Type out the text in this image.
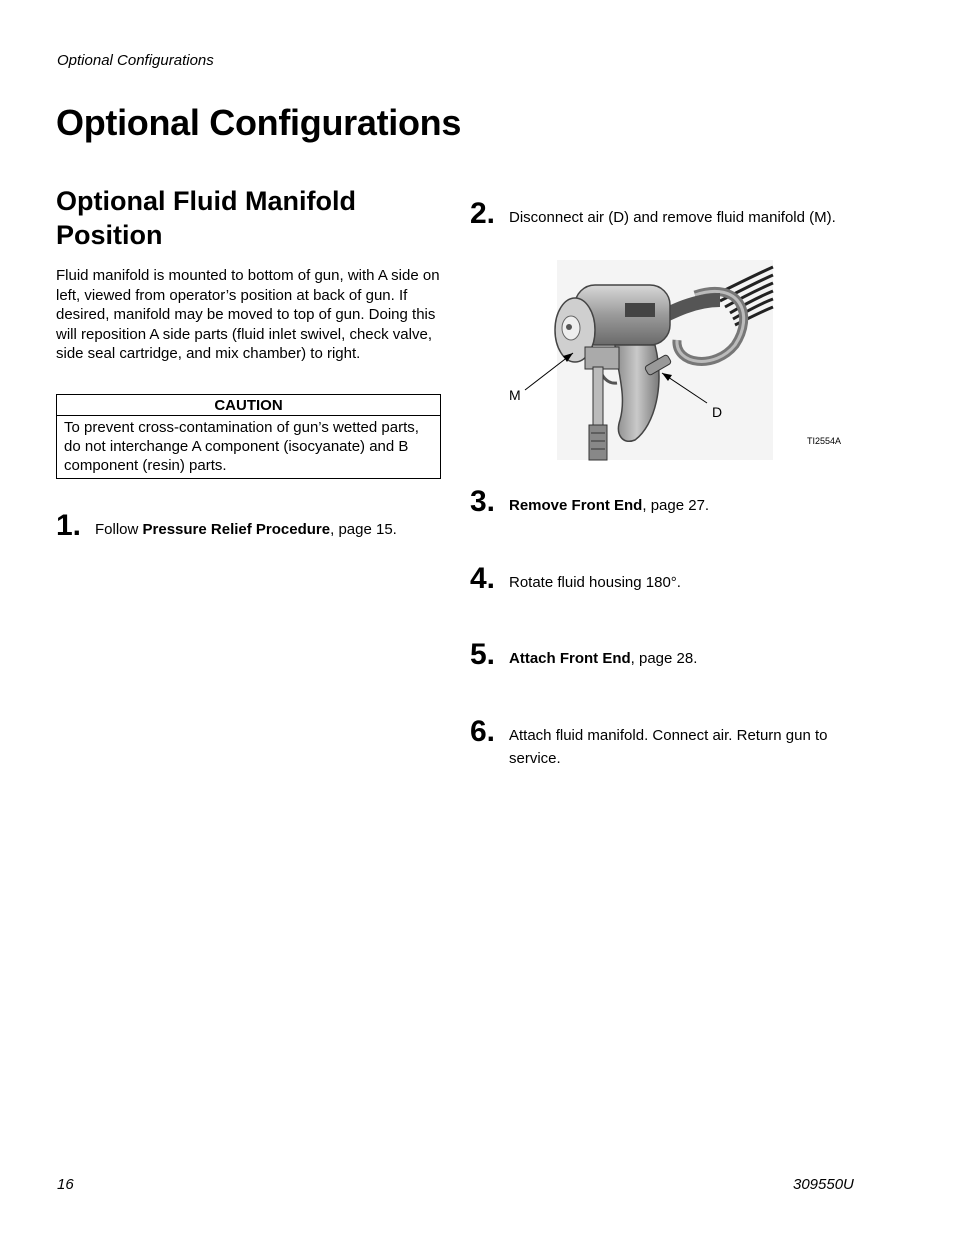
Optional Configurations
Optional Configurations
Optional Fluid Manifold Position

Fluid manifold is mounted to bottom of gun, with A side on left, viewed from operator’s position at back of gun. If desired, manifold may be moved to top of gun. Doing this will reposition A side parts (fluid inlet swivel, check valve, side seal cartridge, and mix chamber) to right.

CAUTION
To prevent cross-contamination of gun’s wetted parts, do not interchange A component (isocyanate) and B component (resin) parts.
1. Follow Pressure Relief Procedure, page 15.
2. Disconnect air (D) and remove fluid manifold (M).
M
D
TI2554A
3. Remove Front End, page 27.
4. Rotate fluid housing 180°.
5. Attach Front End, page 28.
6. Attach fluid manifold. Connect air. Return gun to service.
16	309550U
